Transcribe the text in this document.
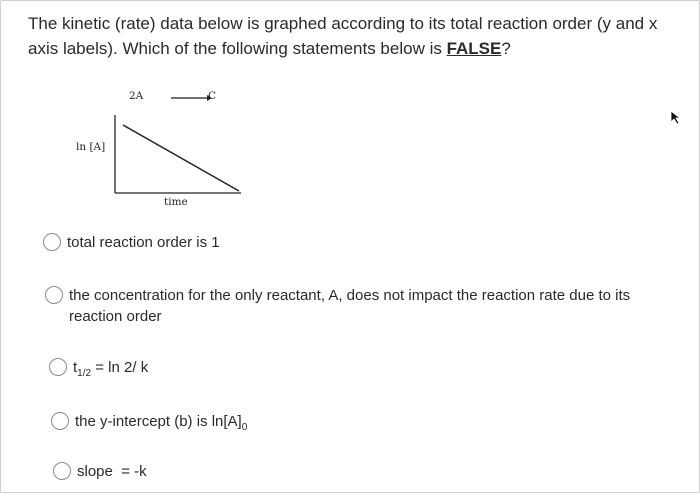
The kinetic (rate) data below is graphed according to its total reaction order (y and x axis labels). Which of the following statements below is FALSE?
2A	C
ln [A]
time
total reaction order is 1
the concentration for the only reactant, A, does not impact the reaction rate due to its reaction order
$t_{1/2} = \ln 2/$ k
the y-intercept (b) is $\ln[A]_0$
slope  = -k
